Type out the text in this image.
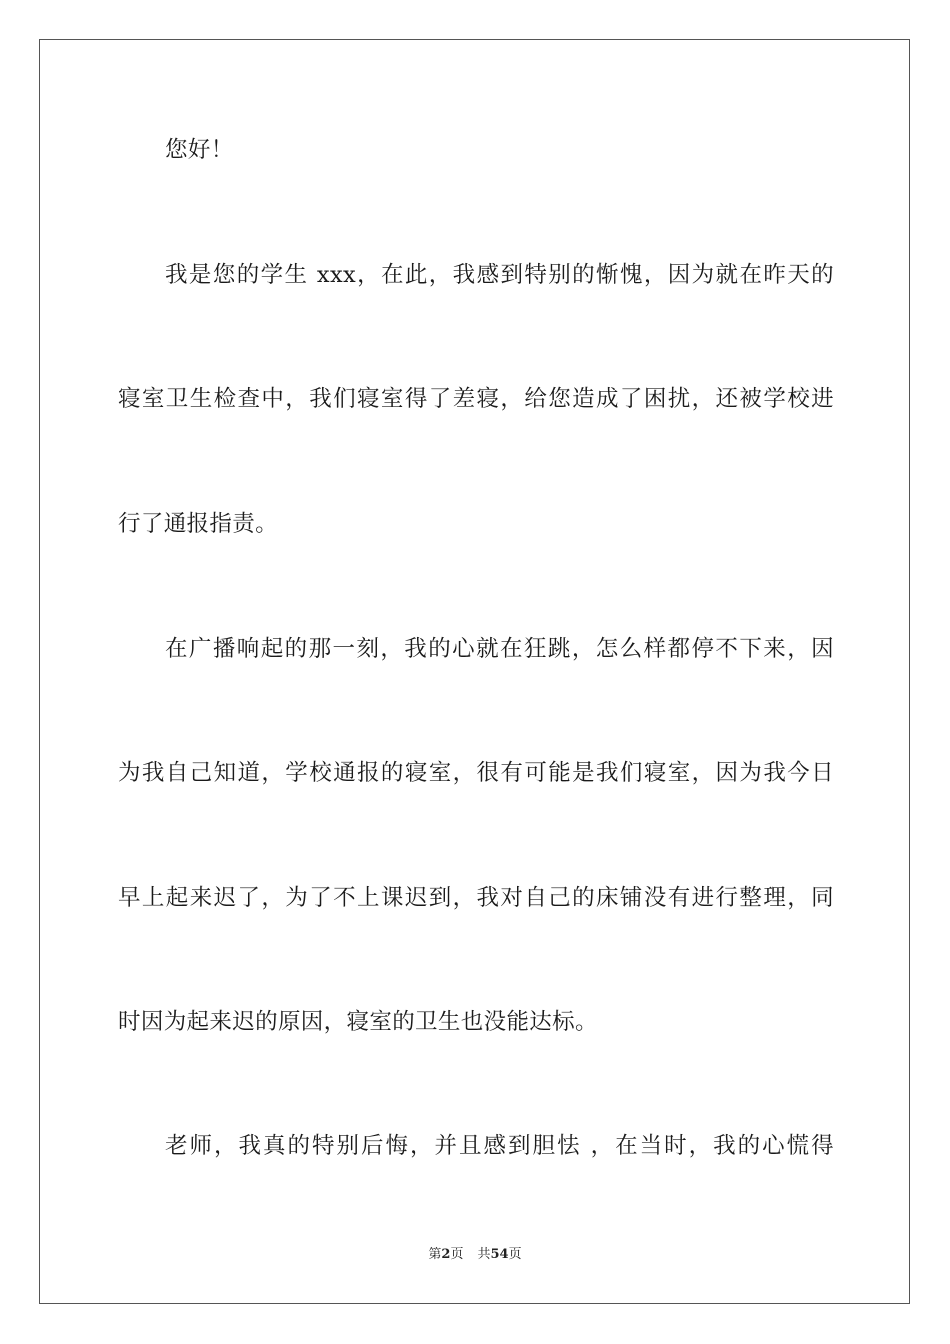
您好！
我是您的学生 xxx，在此，我感到特别的惭愧，因为就在昨天的
寝室卫生检查中，我们寝室得了差寝，给您造成了困扰，还被学校进
行了通报指责。
在广播响起的那一刻，我的心就在狂跳，怎么样都停不下来，因
为我自己知道，学校通报的寝室，很有可能是我们寝室，因为我今日
早上起来迟了，为了不上课迟到，我对自己的床铺没有进行整理，同
时因为起来迟的原因，寝室的卫生也没能达标。
老师，我真的特别后悔，并且感到胆怯 ，在当时，我的心慌得
第2页 共54页
